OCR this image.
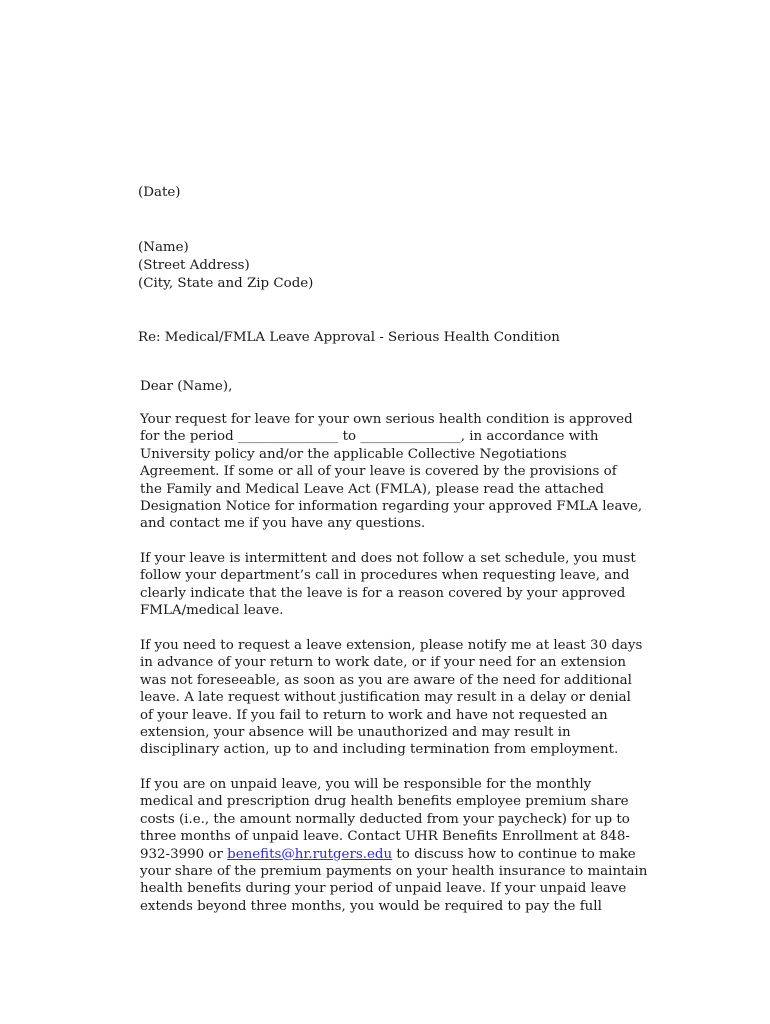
(Date)
(Name)
(Street Address)
(City, State and Zip Code)
Re: Medical/FMLA Leave Approval - Serious Health Condition
Dear (Name),
Your request for leave for your own serious health condition is approved
for the period _______________ to _______________, in accordance with
University policy and/or the applicable Collective Negotiations
Agreement. If some or all of your leave is covered by the provisions of
the Family and Medical Leave Act (FMLA), please read the attached
Designation Notice for information regarding your approved FMLA leave,
and contact me if you have any questions.
If your leave is intermittent and does not follow a set schedule, you must
follow your department’s call in procedures when requesting leave, and
clearly indicate that the leave is for a reason covered by your approved
FMLA/medical leave.
If you need to request a leave extension, please notify me at least 30 days
in advance of your return to work date, or if your need for an extension
was not foreseeable, as soon as you are aware of the need for additional
leave. A late request without justification may result in a delay or denial
of your leave. If you fail to return to work and have not requested an
extension, your absence will be unauthorized and may result in
disciplinary action, up to and including termination from employment.
If you are on unpaid leave, you will be responsible for the monthly
medical and prescription drug health benefits employee premium share
costs (i.e., the amount normally deducted from your paycheck) for up to
three months of unpaid leave. Contact UHR Benefits Enrollment at 848-
932-3990 or benefits@hr.rutgers.edu to discuss how to continue to make
your share of the premium payments on your health insurance to maintain
health benefits during your period of unpaid leave. If your unpaid leave
extends beyond three months, you would be required to pay the full
